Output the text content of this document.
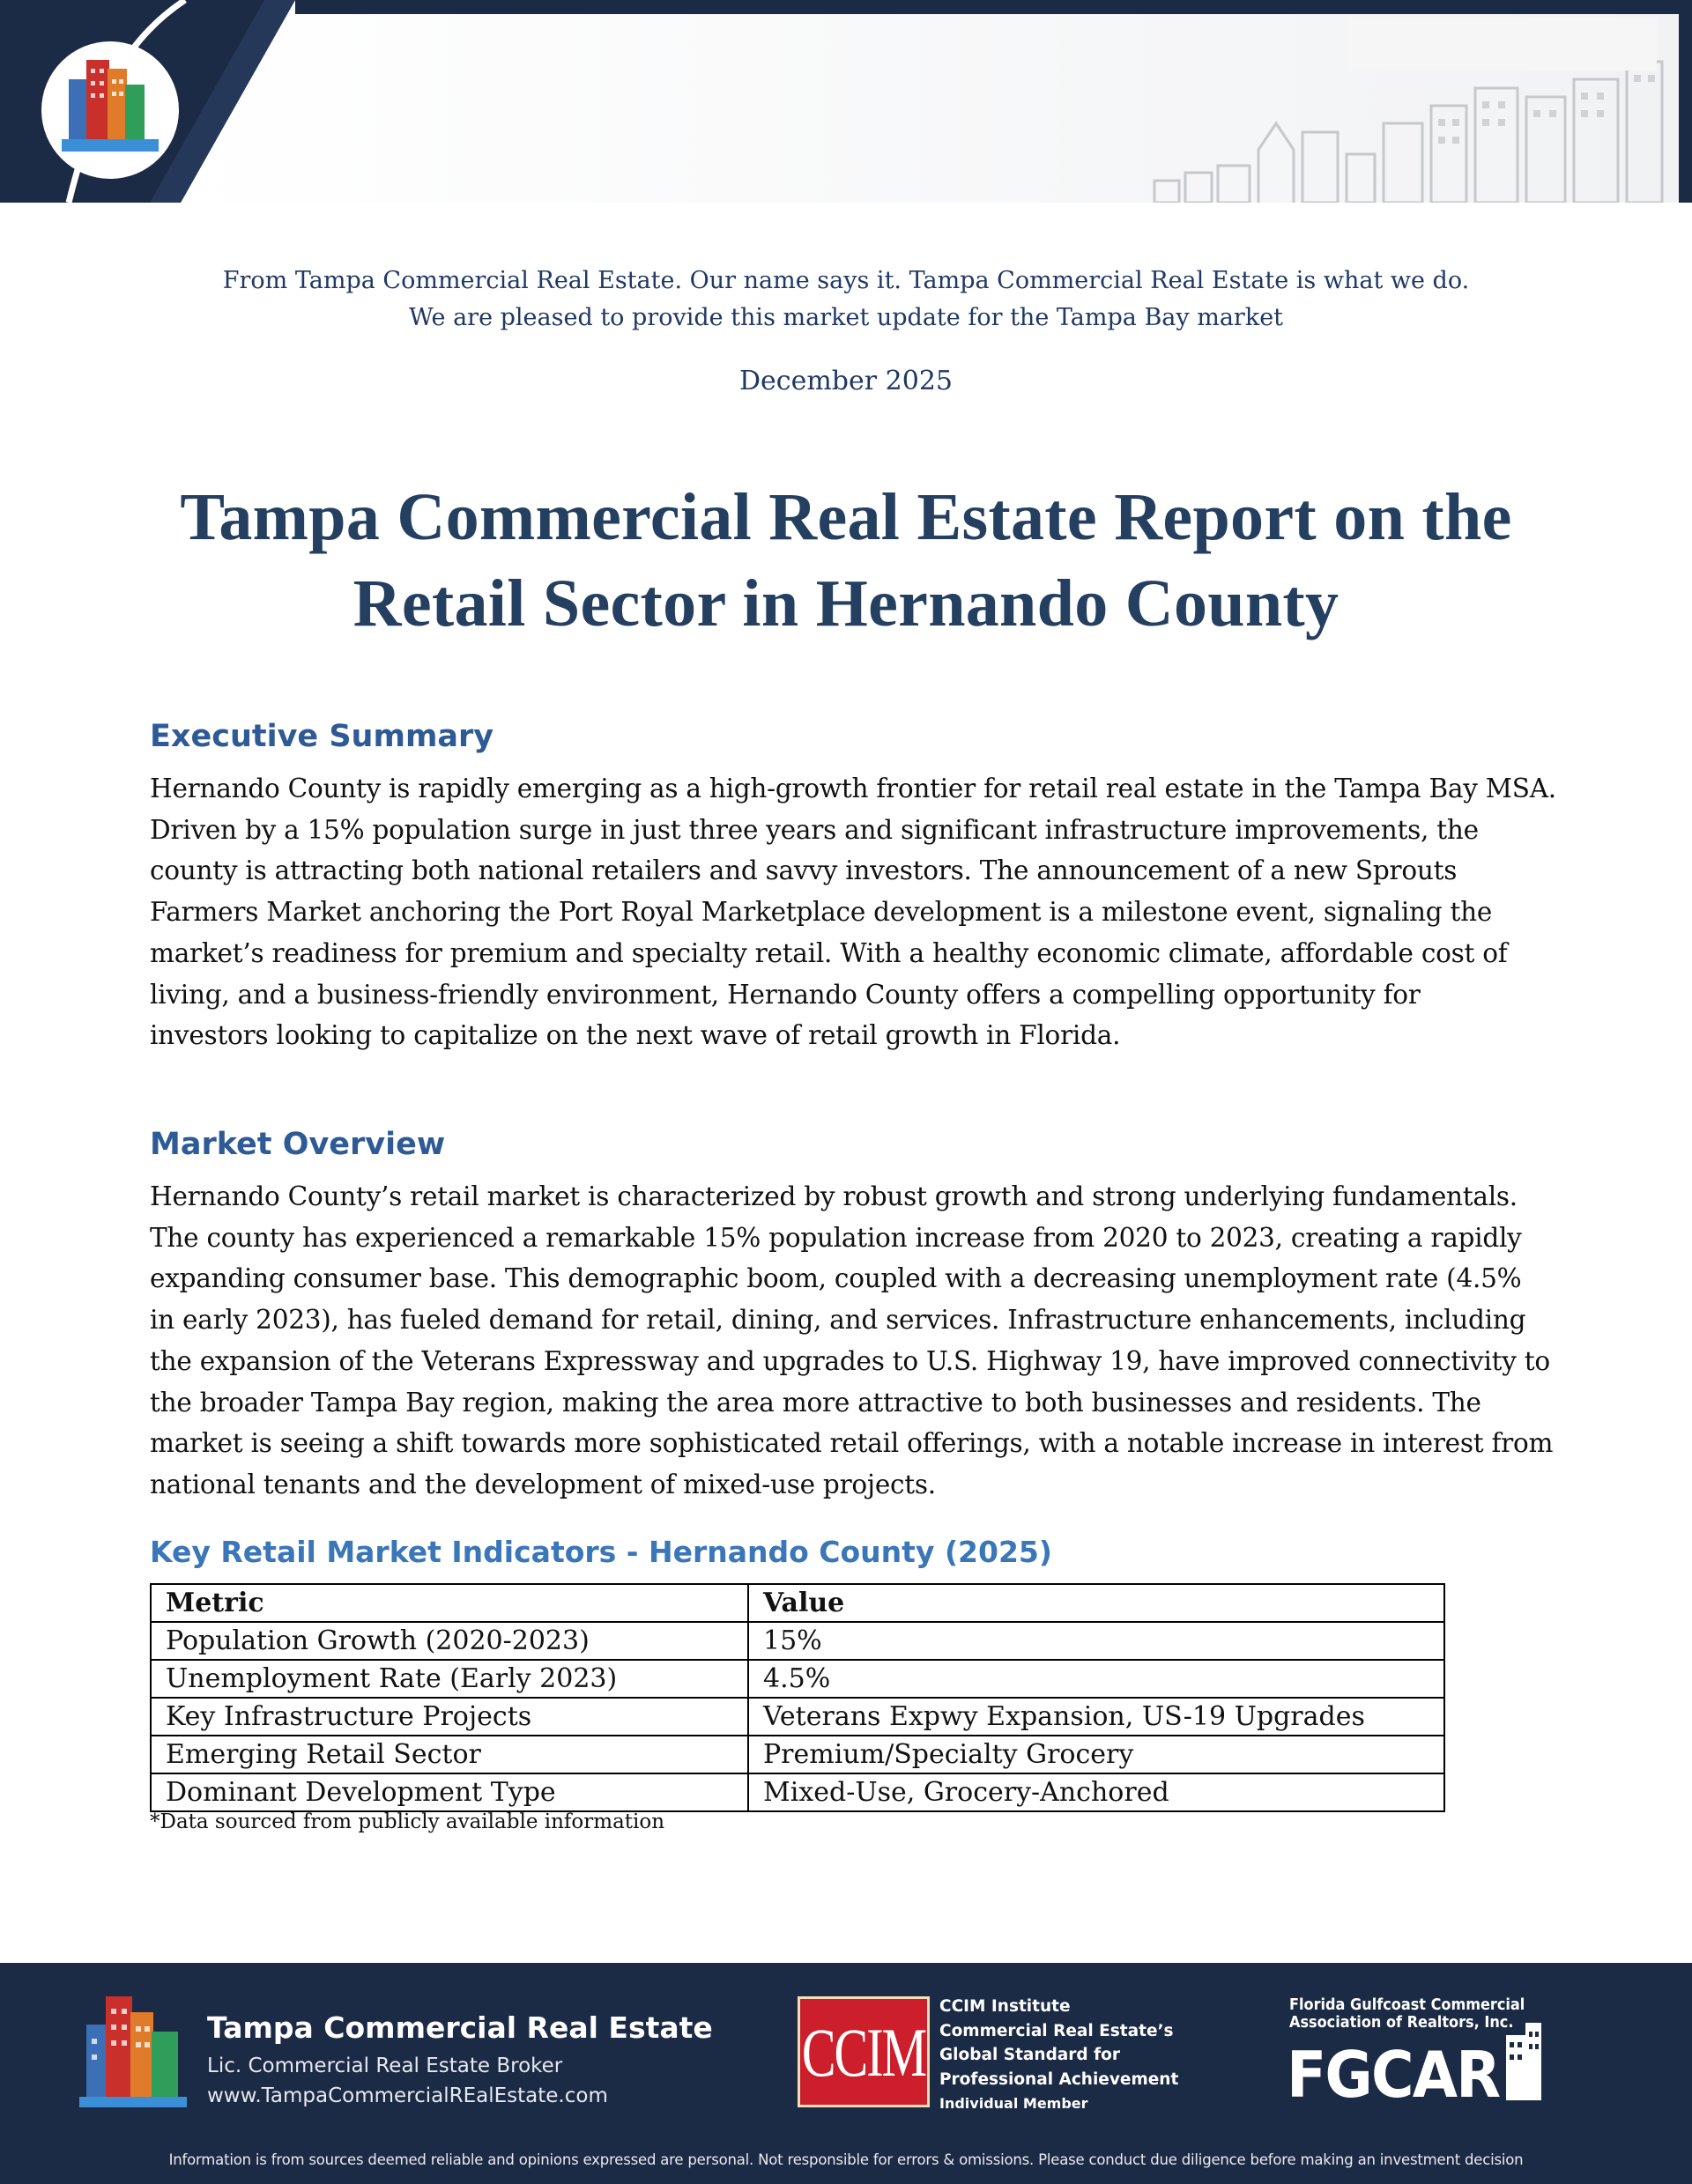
From Tampa Commercial Real Estate. Our name says it. Tampa Commercial Real Estate is what we do.
We are pleased to provide this market update for the Tampa Bay market
December 2025
Tampa Commercial Real Estate Report on the
Retail Sector in Hernando County
Executive Summary

Hernando County is rapidly emerging as a high-growth frontier for retail real estate in the Tampa Bay MSA.

Driven by a 15% population surge in just three years and significant infrastructure improvements, the

county is attracting both national retailers and savvy investors. The announcement of a new Sprouts

Farmers Market anchoring the Port Royal Marketplace development is a milestone event, signaling the

market’s readiness for premium and specialty retail. With a healthy economic climate, affordable cost of

living, and a business-friendly environment, Hernando County offers a compelling opportunity for

investors looking to capitalize on the next wave of retail growth in Florida.

Market Overview

Hernando County’s retail market is characterized by robust growth and strong underlying fundamentals.

The county has experienced a remarkable 15% population increase from 2020 to 2023, creating a rapidly

expanding consumer base. This demographic boom, coupled with a decreasing unemployment rate (4.5%

in early 2023), has fueled demand for retail, dining, and services. Infrastructure enhancements, including

the expansion of the Veterans Expressway and upgrades to U.S. Highway 19, have improved connectivity to

the broader Tampa Bay region, making the area more attractive to both businesses and residents. The

market is seeing a shift towards more sophisticated retail offerings, with a notable increase in interest from

national tenants and the development of mixed-use projects.

Key Retail Market Indicators - Hernando County (2025)
Metric	Value
Population Growth (2020-2023)	15%
Unemployment Rate (Early 2023)	4.5%
Key Infrastructure Projects	Veterans Expwy Expansion, US-19 Upgrades
Emerging Retail Sector	Premium/Specialty Grocery
Dominant Development Type	Mixed-Use, Grocery-Anchored
*Data sourced from publicly available information
Tampa Commercial Real Estate
Lic. Commercial Real Estate Broker
www.TampaCommercialREalEstate.com
CCIM
CCIM Institute
Commercial Real Estate’s
Global Standard for
Professional Achievement
Individual Member
Florida Gulfcoast Commercial
Association of Realtors, Inc.
FGCAR
Information is from sources deemed reliable and opinions expressed are personal. Not responsible for errors & omissions. Please conduct due diligence before making an investment decision
